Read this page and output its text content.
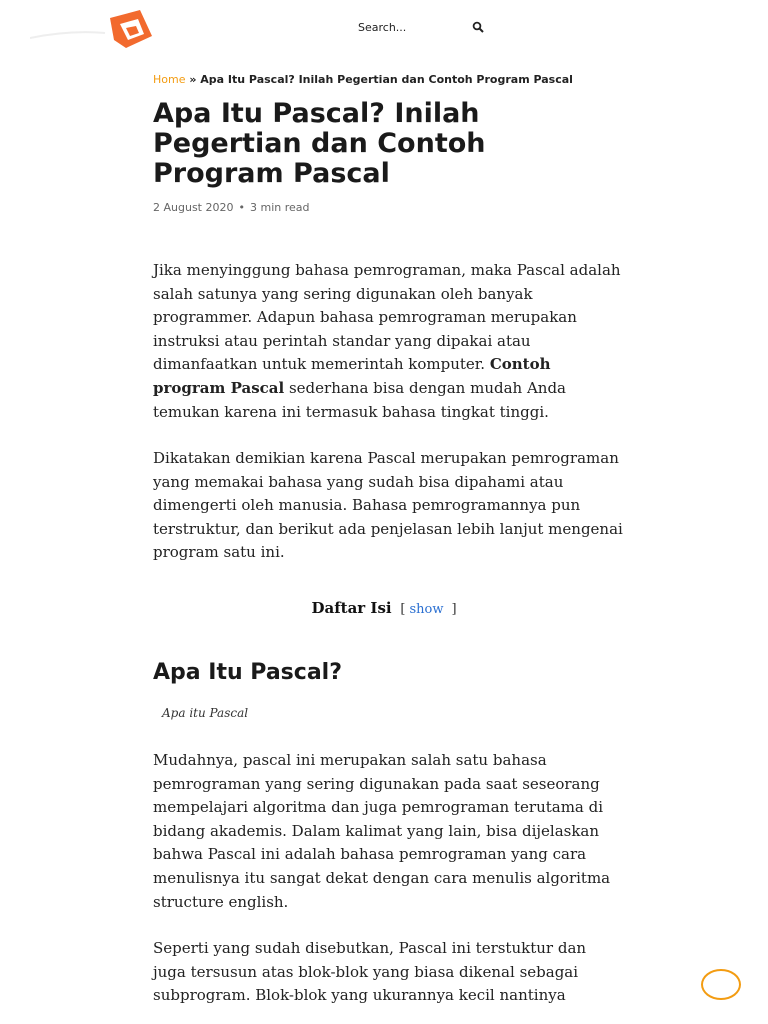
Search...
Home » Apa Itu Pascal? Inilah Pegertian dan Contoh Program Pascal
Apa Itu Pascal? Inilah Pegertian dan Contoh Program Pascal
2 August 2020 • 3 min read

Jika menyinggung bahasa pemrograman, maka Pascal adalah salah satunya yang sering digunakan oleh banyak programmer. Adapun bahasa pemrograman merupakan instruksi atau perintah standar yang dipakai atau dimanfaatkan untuk memerintah komputer. Contoh program Pascal sederhana bisa dengan mudah Anda temukan karena ini termasuk bahasa tingkat tinggi.

Dikatakan demikian karena Pascal merupakan pemrograman yang memakai bahasa yang sudah bisa dipahami atau dimengerti oleh manusia. Bahasa pemrogramannya pun terstruktur, dan berikut ada penjelasan lebih lanjut mengenai program satu ini.

Daftar Isi [ show ]
Apa Itu Pascal?
Apa itu Pascal

Mudahnya, pascal ini merupakan salah satu bahasa pemrograman yang sering digunakan pada saat seseorang mempelajari algoritma dan juga pemrograman terutama di bidang akademis. Dalam kalimat yang lain, bisa dijelaskan bahwa Pascal ini adalah bahasa pemrograman yang cara menulisnya itu sangat dekat dengan cara menulis algoritma structure english.

Seperti yang sudah disebutkan, Pascal ini terstuktur dan juga tersusun atas blok-blok yang biasa dikenal sebagai subprogram. Blok-blok yang ukurannya kecil nantinya
